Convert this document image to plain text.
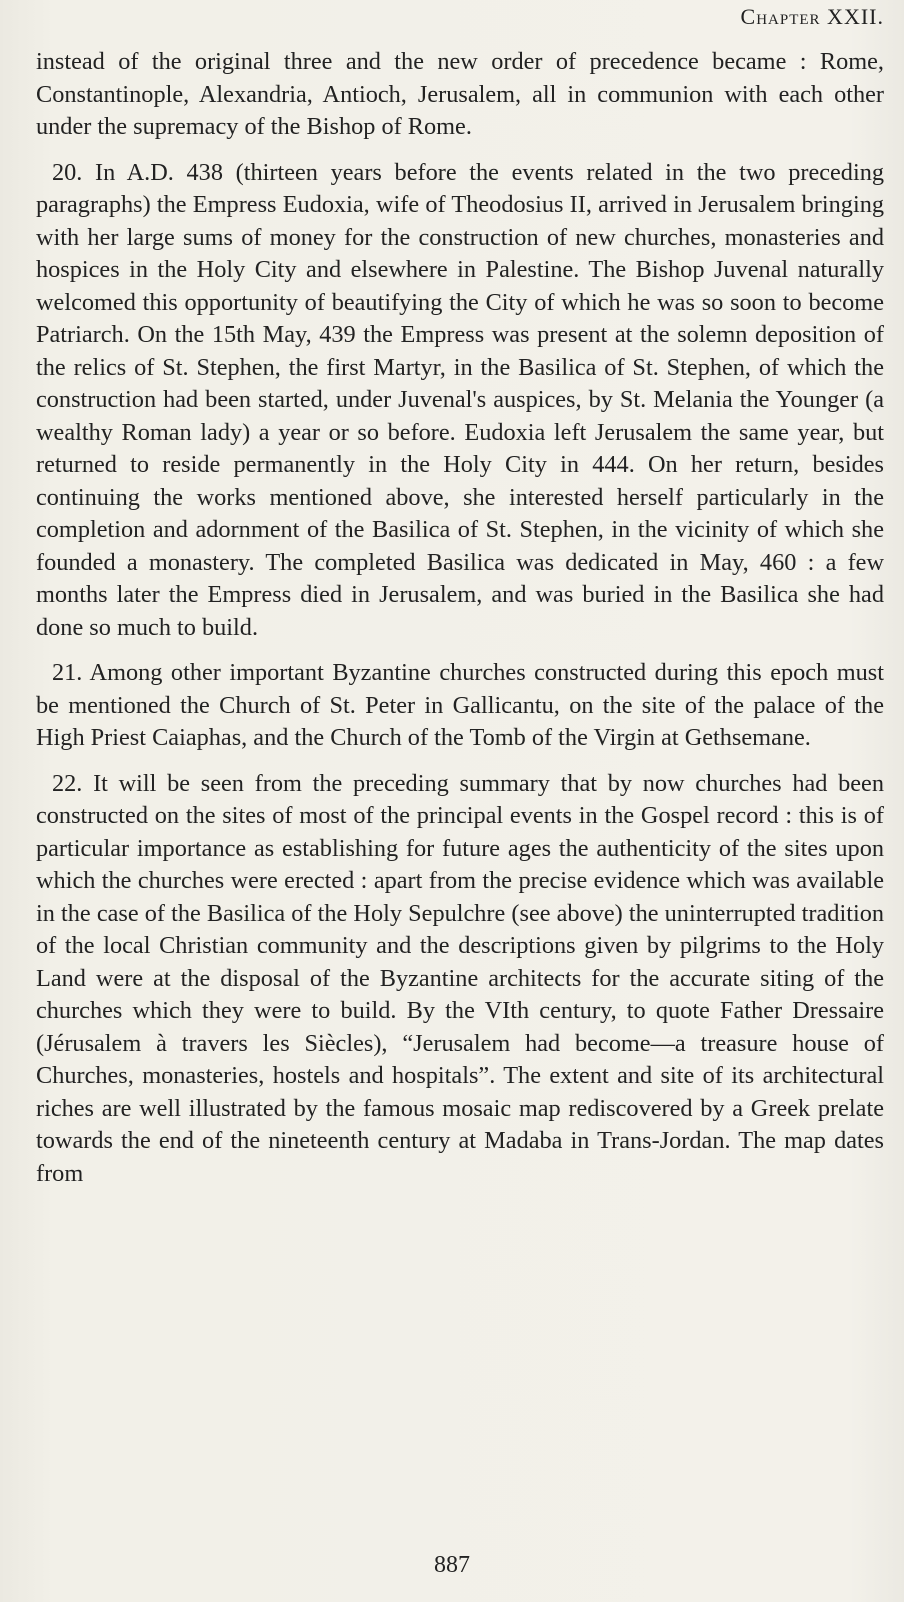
Chapter XXII.

instead of the original three and the new order of precedence became : Rome, Constantinople, Alexandria, Antioch, Jerusalem, all in communion with each other under the supremacy of the Bishop of Rome.

20. In A.D. 438 (thirteen years before the events related in the two preceding paragraphs) the Empress Eudoxia, wife of Theodosius II, arrived in Jerusalem bringing with her large sums of money for the construction of new churches, monasteries and hospices in the Holy City and elsewhere in Palestine. The Bishop Juvenal naturally welcomed this opportunity of beautifying the City of which he was so soon to become Patriarch. On the 15th May, 439 the Empress was present at the solemn deposition of the relics of St. Stephen, the first Martyr, in the Basilica of St. Stephen, of which the construction had been started, under Juvenal's auspices, by St. Melania the Younger (a wealthy Roman lady) a year or so before. Eudoxia left Jerusalem the same year, but returned to reside permanently in the Holy City in 444. On her return, besides continuing the works mentioned above, she interested herself particularly in the completion and adornment of the Basilica of St. Stephen, in the vicinity of which she founded a monastery. The completed Basilica was dedicated in May, 460 : a few months later the Empress died in Jerusalem, and was buried in the Basilica she had done so much to build.

21. Among other important Byzantine churches constructed during this epoch must be mentioned the Church of St. Peter in Gallicantu, on the site of the palace of the High Priest Caiaphas, and the Church of the Tomb of the Virgin at Gethsemane.

22. It will be seen from the preceding summary that by now churches had been constructed on the sites of most of the principal events in the Gospel record : this is of particular importance as establishing for future ages the authenticity of the sites upon which the churches were erected : apart from the precise evidence which was available in the case of the Basilica of the Holy Sepulchre (see above) the uninterrupted tradition of the local Christian community and the descriptions given by pilgrims to the Holy Land were at the disposal of the Byzantine architects for the accurate siting of the churches which they were to build. By the VIth century, to quote Father Dressaire (Jérusalem à travers les Siècles), “Jerusalem had become—a treasure house of Churches, monasteries, hostels and hospitals”. The extent and site of its architectural riches are well illustrated by the famous mosaic map rediscovered by a Greek prelate towards the end of the nineteenth century at Madaba in Trans-Jordan. The map dates from

887
